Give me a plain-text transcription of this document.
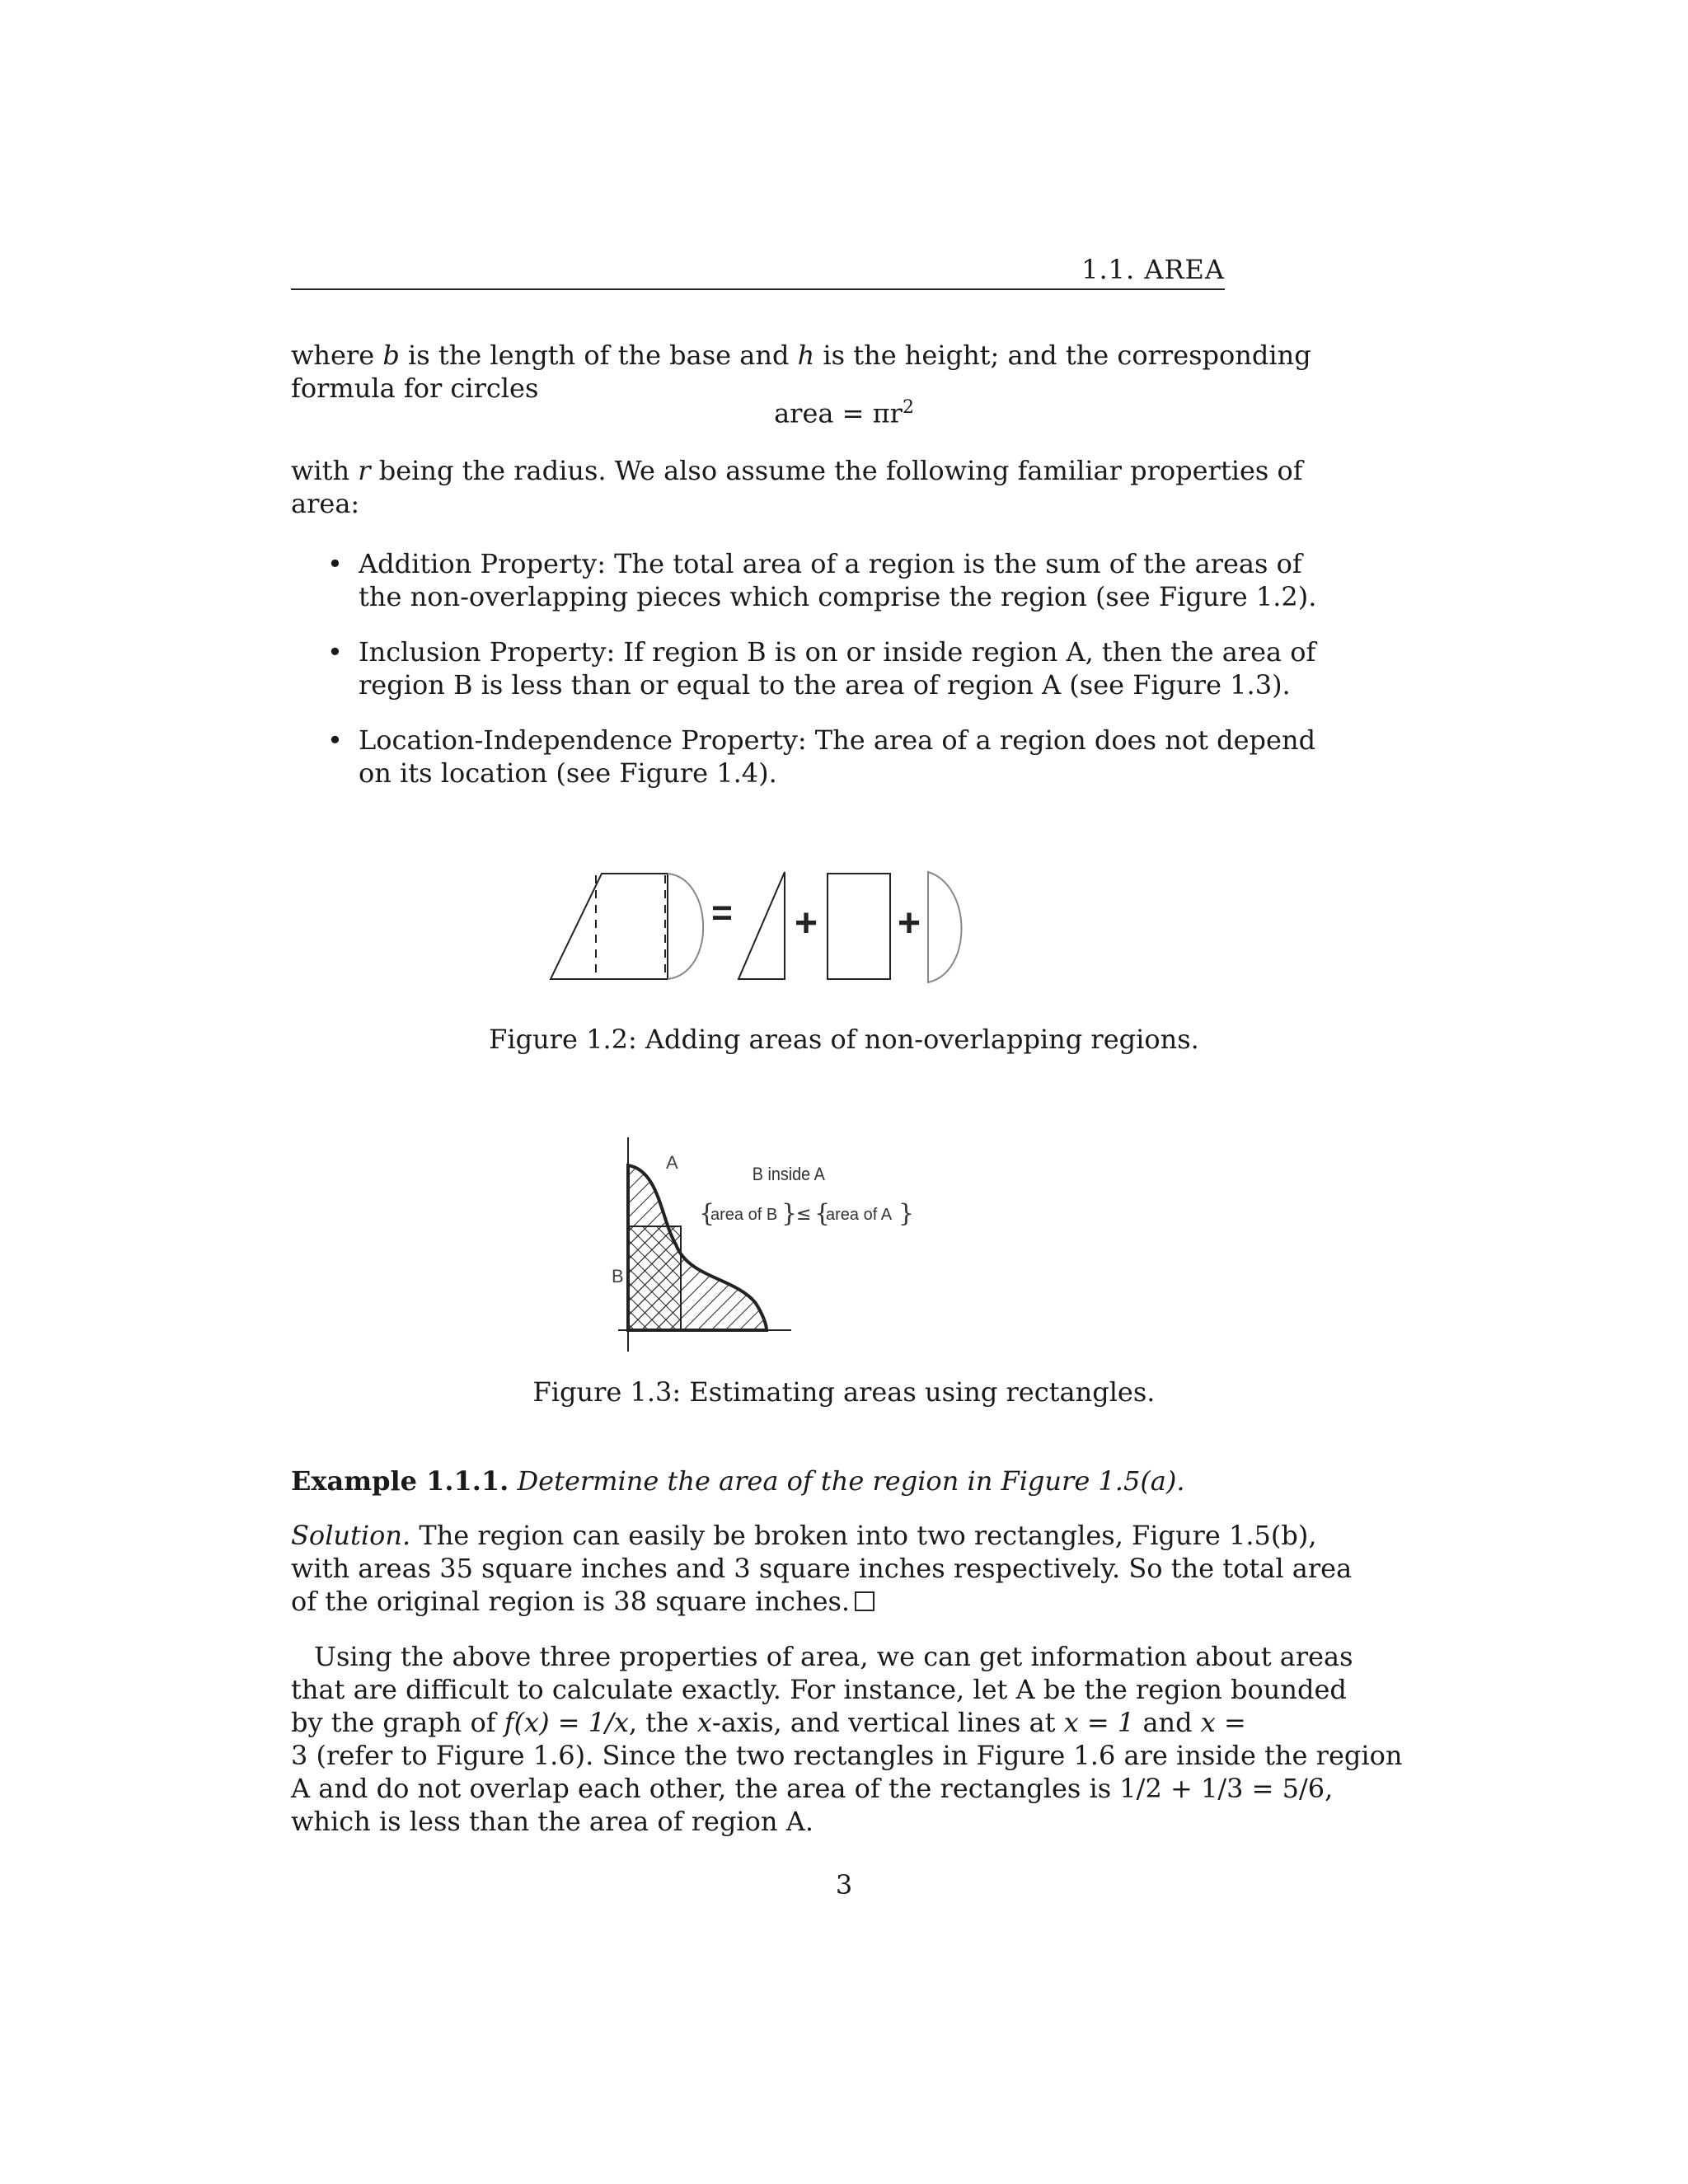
1.1. AREA
where b is the length of the base and h is the height; and the corresponding
formula for circles
area = $\pi r^2$
with r being the radius. We also assume the following familiar properties of
area:
• Addition Property: The total area of a region is the sum of the areas of
the non-overlapping pieces which comprise the region (see Figure 1.2).
• Inclusion Property: If region B is on or inside region A, then the area of
region B is less than or equal to the area of region A (see Figure 1.3).
• Location-Independence Property: The area of a region does not depend
on its location (see Figure 1.4).
= + +
Figure 1.2: Adding areas of non-overlapping regions.
A
B
B inside A
{
area of B }
≤ {
area of A }
Figure 1.3: Estimating areas using rectangles.
Example 1.1.1. Determine the area of the region in Figure 1.5(a).
Solution. The region can easily be broken into two rectangles, Figure 1.5(b),
with areas 35 square inches and 3 square inches respectively. So the total area
of the original region is 38 square inches.
Using the above three properties of area, we can get information about areas
that are difficult to calculate exactly. For instance, let A be the region bounded
by the graph of f(x) = 1/x, the x-axis, and vertical lines at x = 1 and x =
3 (refer to Figure 1.6). Since the two rectangles in Figure 1.6 are inside the region
A and do not overlap each other, the area of the rectangles is 1/2 + 1/3 = 5/6,
which is less than the area of region A.
3
